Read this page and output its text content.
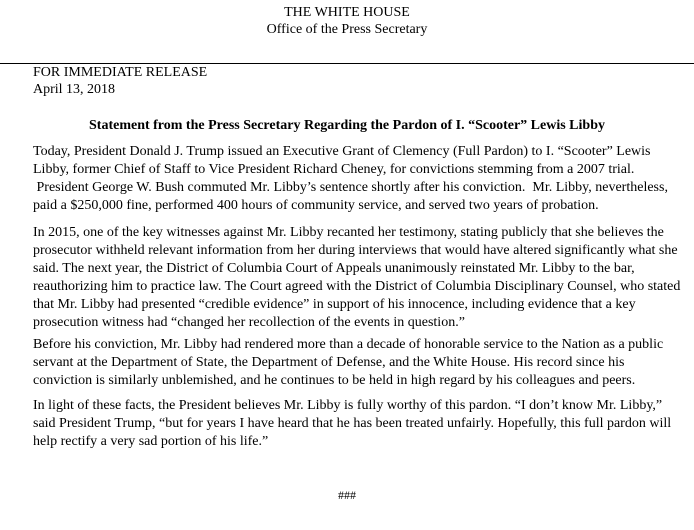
THE WHITE HOUSE
Office of the Press Secretary
FOR IMMEDIATE RELEASE
April 13, 2018
Statement from the Press Secretary Regarding the Pardon of I. “Scooter” Lewis Libby
Today, President Donald J. Trump issued an Executive Grant of Clemency (Full Pardon) to I. “Scooter” Lewis
Libby, former Chief of Staff to Vice President Richard Cheney, for convictions stemming from a 2007 trial.
President George W. Bush commuted Mr. Libby’s sentence shortly after his conviction.  Mr. Libby, nevertheless,
paid a $250,000 fine, performed 400 hours of community service, and served two years of probation.
In 2015, one of the key witnesses against Mr. Libby recanted her testimony, stating publicly that she believes the
prosecutor withheld relevant information from her during interviews that would have altered significantly what she
said. The next year, the District of Columbia Court of Appeals unanimously reinstated Mr. Libby to the bar,
reauthorizing him to practice law. The Court agreed with the District of Columbia Disciplinary Counsel, who stated
that Mr. Libby had presented “credible evidence” in support of his innocence, including evidence that a key
prosecution witness had “changed her recollection of the events in question.”
Before his conviction, Mr. Libby had rendered more than a decade of honorable service to the Nation as a public
servant at the Department of State, the Department of Defense, and the White House. His record since his
conviction is similarly unblemished, and he continues to be held in high regard by his colleagues and peers.
In light of these facts, the President believes Mr. Libby is fully worthy of this pardon. “I don’t know Mr. Libby,”
said President Trump, “but for years I have heard that he has been treated unfairly. Hopefully, this full pardon will
help rectify a very sad portion of his life.”
###
